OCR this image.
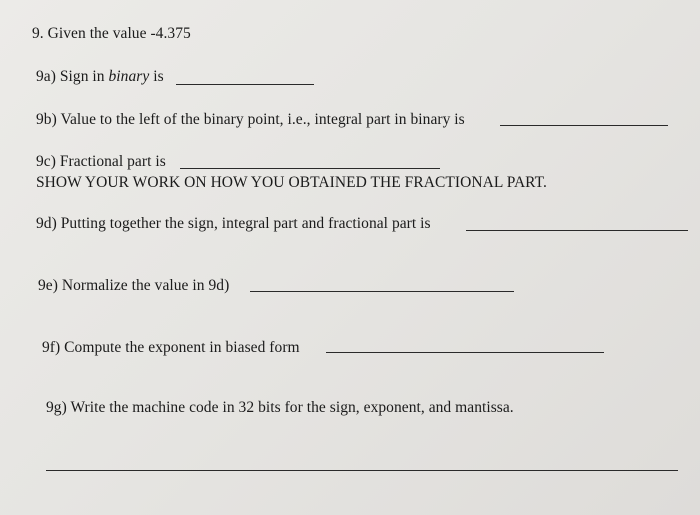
9. Given the value -4.375
9a) Sign in binary is
9b) Value to the left of the binary point, i.e., integral part in binary is
9c) Fractional part is
SHOW YOUR WORK ON HOW YOU OBTAINED THE FRACTIONAL PART.
9d) Putting together the sign, integral part and fractional part is
9e) Normalize the value in 9d)
9f) Compute the exponent in biased form
9g) Write the machine code in 32 bits for the sign, exponent, and mantissa.
